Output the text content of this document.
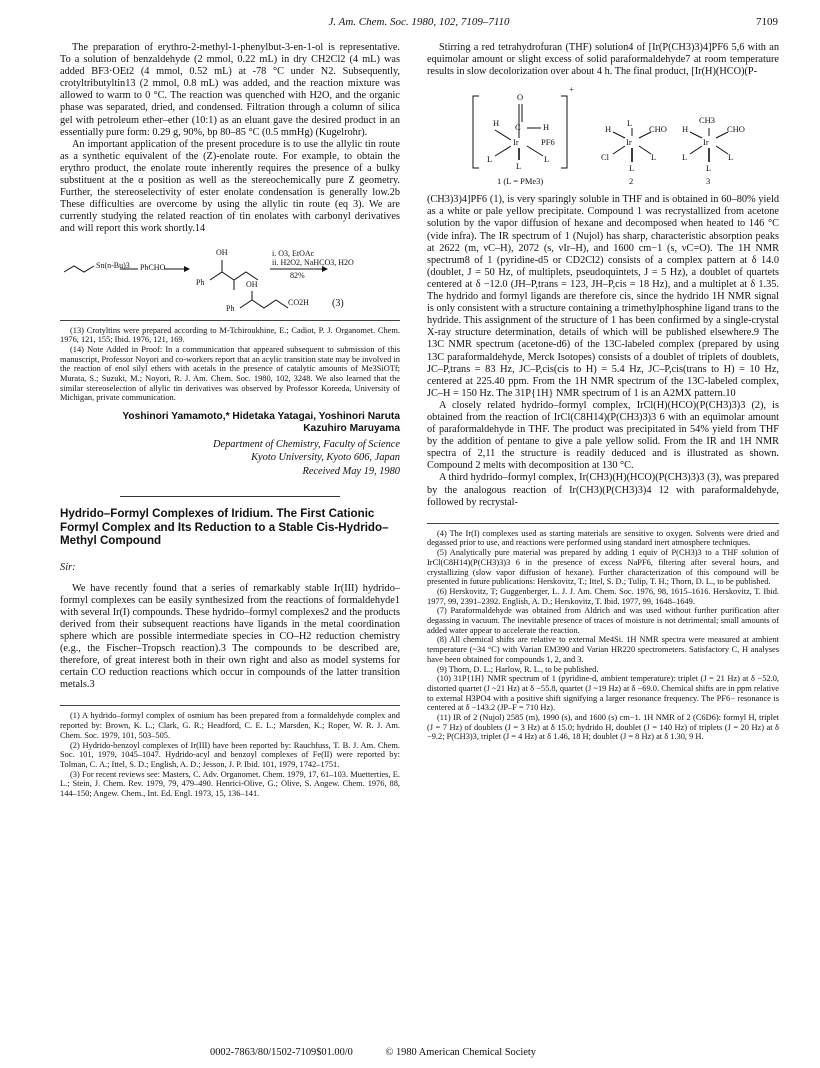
J. Am. Chem. Soc. 1980, 102, 7109–7110	7109

The preparation of erythro-2-methyl-1-phenylbut-3-en-1-ol is representative. To a solution of benzaldehyde (2 mmol, 0.22 mL) in dry CH2Cl2 (4 mL) was added BF3·OEt2 (4 mmol, 0.52 mL) at -78 °C under N2. Subsequently, crotyltributyltin13 (2 mmol, 0.8 mL) was added, and the reaction mixture was allowed to warm to 0 °C. The reaction was quenched with H2O, and the organic phase was separated, dried, and condensed. Filtration through a column of silica gel with petroleum ether–ether (10:1) as an eluant gave the desired product in an essentially pure form: 0.29 g, 90%, bp 80–85 °C (0.5 mmHg) (Kugelrohr).

An important application of the present procedure is to use the allylic tin route as a synthetic equivalent of the (Z)-enolate route. For example, to obtain the erythro product, the enolate route inherently requires the presence of a bulky substituent at the α position as well as the stereochemically pure Z geometry. Further, the stereoselectivity of ester enolate condensation is generally low.2b These difficulties are overcome by using the allylic tin route (eq 3). We are currently studying the related reaction of tin enolates with carbonyl derivatives and will report this work shortly.14

Sn(n-Bu)3 PhCHO
Ph
OH	i. O3, EtOAc
ii. H2O2, NaHCO3, H2O
82%
OH
Ph
CO2H (3)

(13) Crotyltins were prepared according to M-Tchiroukhine, E.; Cadiot, P. J. Organomet. Chem. 1976, 121, 155; Ibid. 1976, 121, 169.

(14) Note Added in Proof: In a communication that appeared subsequent to submission of this manuscript, Professor Noyori and co-workers report that an acylic transition state may be involved in the reaction of enol silyl ethers with acetals in the presence of catalytic amounts of Me3SiOTf; Murata, S.; Suzuki, M.; Noyori, R. J. Am. Chem. Soc. 1980, 102, 3248. We also learned that the similar stereoselection of allylic tin derivatives was observed by Professor Koreeda, University of Michigan, private communication.

Yoshinori Yamamoto,* Hidetaka Yatagai, Yoshinori Naruta
Kazuhiro Maruyama
Department of Chemistry, Faculty of Science
Kyoto University, Kyoto 606, Japan
Received May 19, 1980
Hydrido–Formyl Complexes of Iridium. The First Cationic Formyl Complex and Its Reduction to a Stable Cis-Hydrido–Methyl Compound
Sir:

We have recently found that a series of remarkably stable Ir(III) hydrido–formyl complexes can be easily synthesized from the reactions of formaldehyde1 with several Ir(I) compounds. These hydrido–formyl complexes2 and the products derived from their subsequent reactions have ligands in the metal coordination sphere which are possible intermediate species in CO–H2 reduction chemistry (e.g., the Fischer–Tropsch reaction).3 The compounds to be described are, therefore, of great interest both in their own right and also as model systems for certain CO reduction reactions which occur in compounds of the latter transition metals.3

(1) A hydrido–formyl complex of osmium has been prepared from a formaldehyde complex and reported by: Brown, K. L.; Clark, G. R.; Headford, C. E. L.; Marsden, K.; Roper, W. R. J. Am. Chem. Soc. 1979, 101, 503–505.

(2) Hydrido-benzoyl complexes of Ir(III) have been reported by: Rauchfuss, T. B. J. Am. Chem. Soc. 101, 1979, 1045–1047. Hydrido-acyl and benzoyl complexes of Fe(II) were reported by: Tolman, C. A.; Ittel, S. D.; English, A. D.; Jesson, J. P. Ibid. 101, 1979, 1742–1751.

(3) For recent reviews see: Masters, C. Adv. Organomet. Chem. 1979, 17, 61–103. Muetterties, E. L.; Stein, J. Chem. Rev. 1979, 79, 479–490. Henrici-Olive, G.; Olive, S. Angew. Chem. 1976, 88, 144–150; Angew. Chem., Int. Ed. Engl. 1973, 15, 136–141.

Stirring a red tetrahydrofuran (THF) solution4 of [Ir(P(CH3)3)4]PF6 5,6 with an equimolar amount or slight excess of solid paraformaldehyde7 at room temperature results in slow decolorization over about 4 h. The final product, [Ir(H)(HCO)(P-

+
O
H C	H
Ir
L	L
L
PF6
1 (L = PMe3)
H	CHO
Ir
L
Cl	L
L
2
H	CHO
Ir
CH3
L	L
L
3

(CH3)3)4]PF6 (1), is very sparingly soluble in THF and is obtained in 60–80% yield as a white or pale yellow precipitate. Compound 1 was recrystallized from acetone solution by the vapor diffusion of hexane and decomposed when heated to 146 °C (vide infra). The IR spectrum of 1 (Nujol) has sharp, characteristic absorption peaks at 2622 (m, νC–H), 2072 (s, νIr–H), and 1600 cm−1 (s, νC=O). The 1H NMR spectrum8 of 1 (pyridine-d5 or CD2Cl2) consists of a complex pattern at δ 14.0 (doublet, J = 50 Hz, of multiplets, pseudoquintets, J = 5 Hz), a doublet of quartets centered at δ −12.0 (JH–P,trans = 123, JH–P,cis = 18 Hz), and a multiplet at δ 1.35. The hydrido and formyl ligands are therefore cis, since the hydrido 1H NMR signal is only consistent with a structure containing a trimethylphosphine ligand trans to the hydride. This assignment of the structure of 1 has been confirmed by a single-crystal X-ray structure determination, details of which will be published elsewhere.9 The 13C NMR spectrum (acetone-d6) of the 13C-labeled complex (prepared by using 13C paraformaldehyde, Merck Isotopes) consists of a doublet of triplets of doublets, JC–P,trans = 83 Hz, JC–P,cis(cis to H) = 5.4 Hz, JC–P,cis(trans to H) = 10 Hz, centered at 225.40 ppm. From the 1H NMR spectrum of the 13C-labeled complex, JC–H = 150 Hz. The 31P{1H} NMR spectrum of 1 is an A2MX pattern.10

A closely related hydrido–formyl complex, IrCl(H)(HCO)(P(CH3)3)3 (2), is obtained from the reaction of IrCl(C8H14)(P(CH3)3)3 6 with an equimolar amount of paraformaldehyde in THF. The product was precipitated in 54% yield from THF by the addition of pentane to give a pale yellow solid. From the IR and 1H NMR spectra of 2,11 the structure is readily deduced and is illustrated as shown. Compound 2 melts with decomposition at 130 °C.

A third hydrido–formyl complex, Ir(CH3)(H)(HCO)(P(CH3)3)3 (3), was prepared by the analogous reaction of Ir(CH3)(P(CH3)3)4 12 with paraformaldehyde, followed by recrystal-

(4) The Ir(I) complexes used as starting materials are sensitive to oxygen. Solvents were dried and degassed prior to use, and reactions were performed using standard inert atmosphere techniques.

(5) Analytically pure material was prepared by adding 1 equiv of P(CH3)3 to a THF solution of IrCl(C8H14)(P(CH3)3)3 6 in the presence of excess NaPF6, filtering after several hours, and crystallizing (slow vapor diffusion of hexane). Further characterization of this compound will be presented in future publications: Herskovitz, T.; Ittel, S. D.; Tulip, T. H.; Thorn, D. L., to be published.

(6) Herskovitz, T; Guggenberger, L. J. J. Am. Chem. Soc. 1976, 98, 1615–1616. Herskovitz, T. Ibid. 1977, 99, 2391–2392. English, A. D.; Herskovitz, T. Ibid. 1977, 99, 1648–1649.

(7) Paraformaldehyde was obtained from Aldrich and was used without further purification after degassing in vacuum. The inevitable presence of traces of moisture is not detrimental; small amounts of added water appear to accelerate the reaction.

(8) All chemical shifts are relative to external Me4Si. 1H NMR spectra were measured at ambient temperature (~34 °C) with Varian EM390 and Varian HR220 spectrometers. Satisfactory C, H analyses have been obtained for compounds 1, 2, and 3.

(9) Thorn, D. L.; Harlow, R. L., to be published.

(10) 31P{1H} NMR spectrum of 1 (pyridine-d, ambient temperature): triplet (J = 21 Hz) at δ −52.0, distorted quartet (J ~21 Hz) at δ −55.8, quartet (J ~19 Hz) at δ −69.0. Chemical shifts are in ppm relative to external H3PO4 with a positive shift signifying a larger resonance frequency. The PF6− resonance is centered at δ −143.2 (JP–F = 710 Hz).

(11) IR of 2 (Nujol) 2585 (m), 1990 (s), and 1600 (s) cm−1. 1H NMR of 2 (C6D6): formyl H, triplet (J = 7 Hz) of doublets (J = 3 Hz) at δ 15.0; hydrido H, doublet (J = 140 Hz) of triplets (J = 20 Hz) at δ −9.2; P(CH3)3, triplet (J = 4 Hz) at δ 1.46, 18 H; doublet (J = 8 Hz) at δ 1.30, 9 H.

0002-7863/80/1502-7109$01.00/0	© 1980 American Chemical Society
